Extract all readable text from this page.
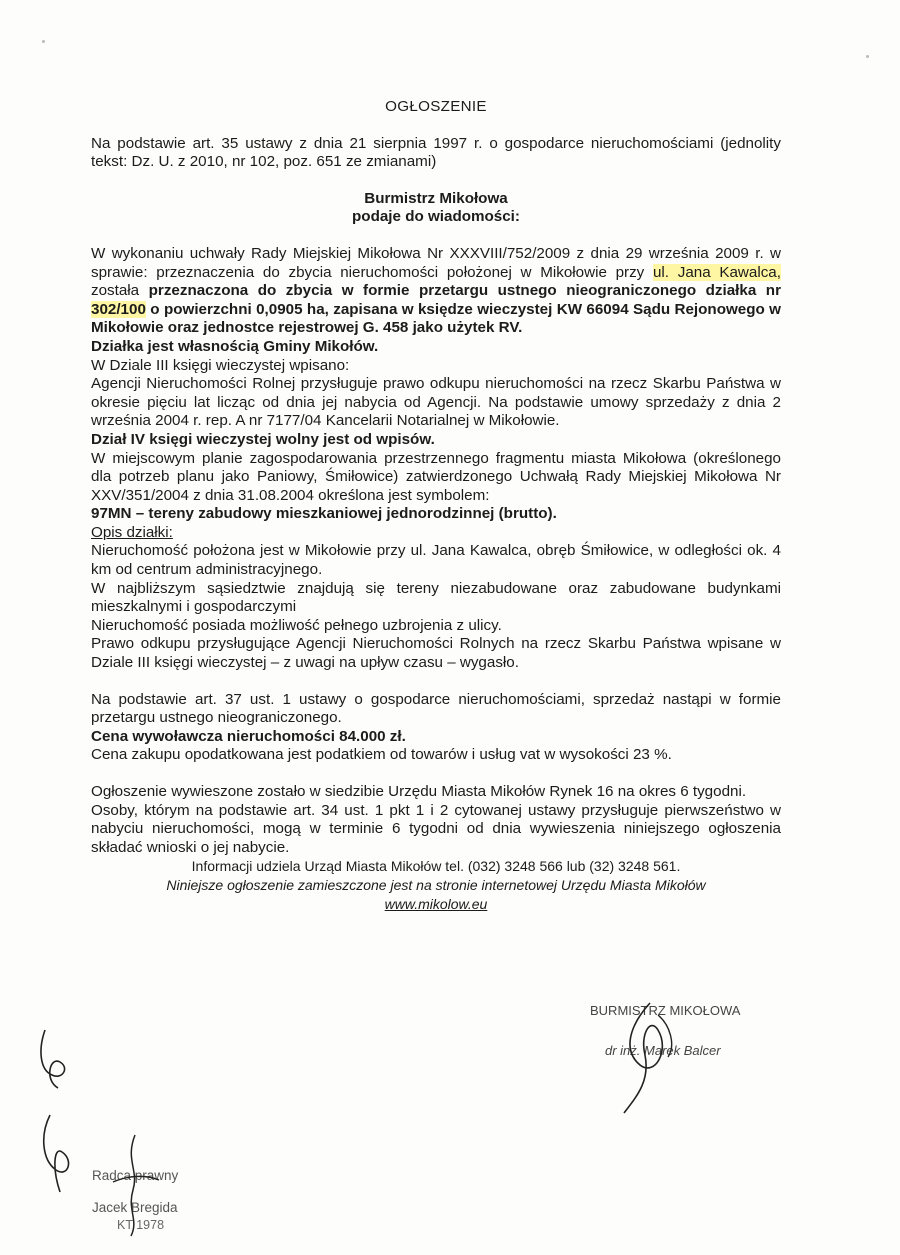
OGŁOSZENIE

Na podstawie art. 35 ustawy z dnia 21 sierpnia 1997 r. o gospodarce nieruchomościami (jednolity tekst: Dz. U. z 2010, nr 102, poz. 651 ze zmianami)

Burmistrz Mikołowa
podaje do wiadomości:

W wykonaniu uchwały Rady Miejskiej Mikołowa Nr XXXVIII/752/2009 z dnia 29 września 2009 r. w sprawie: przeznaczenia do zbycia nieruchomości położonej w Mikołowie przy ul. Jana Kawalca, została przeznaczona do zbycia w formie przetargu ustnego nieograniczonego działka nr 302/100 o powierzchni 0,0905 ha, zapisana w księdze wieczystej KW 66094 Sądu Rejonowego w Mikołowie oraz jednostce rejestrowej G. 458 jako użytek RV.

Działka jest własnością Gminy Mikołów.

W Dziale III księgi wieczystej wpisano:

Agencji Nieruchomości Rolnej przysługuje prawo odkupu nieruchomości na rzecz Skarbu Państwa w okresie pięciu lat licząc od dnia jej nabycia od Agencji. Na podstawie umowy sprzedaży z dnia 2 września 2004 r. rep. A nr 7177/04 Kancelarii Notarialnej w Mikołowie.

Dział IV księgi wieczystej wolny jest od wpisów.

W miejscowym planie zagospodarowania przestrzennego fragmentu miasta Mikołowa (określonego dla potrzeb planu jako Paniowy, Śmiłowice) zatwierdzonego Uchwałą Rady Miejskiej Mikołowa Nr XXV/351/2004 z dnia 31.08.2004 określona jest symbolem:

97MN – tereny zabudowy mieszkaniowej jednorodzinnej (brutto).

Opis działki:

Nieruchomość położona jest w Mikołowie przy ul. Jana Kawalca, obręb Śmiłowice, w odległości ok. 4 km od centrum administracyjnego.

W najbliższym sąsiedztwie znajdują się tereny niezabudowane oraz zabudowane budynkami mieszkalnymi i gospodarczymi

Nieruchomość posiada możliwość pełnego uzbrojenia z ulicy.

Prawo odkupu przysługujące Agencji Nieruchomości Rolnych na rzecz Skarbu Państwa wpisane w Dziale III księgi wieczystej – z uwagi na upływ czasu – wygasło.

Na podstawie art. 37 ust. 1 ustawy o gospodarce nieruchomościami, sprzedaż nastąpi w formie przetargu ustnego nieograniczonego.

Cena wywoławcza nieruchomości 84.000 zł.

Cena zakupu opodatkowana jest podatkiem od towarów i usług vat w wysokości 23 %.

Ogłoszenie wywieszone zostało w siedzibie Urzędu Miasta Mikołów Rynek 16 na okres 6 tygodni.

Osoby, którym na podstawie art. 34 ust. 1 pkt 1 i 2 cytowanej ustawy przysługuje pierwszeństwo w nabyciu nieruchomości, mogą w terminie 6 tygodni od dnia wywieszenia niniejszego ogłoszenia składać wnioski o jej nabycie.

Informacji udziela Urząd Miasta Mikołów tel. (032) 3248 566 lub (32) 3248 561.
Niniejsze ogłoszenie zamieszczone jest na stronie internetowej Urzędu Miasta Mikołów
www.mikolow.eu
BURMISTRZ MIKOŁOWA
dr inż. Marek Balcer
Radca prawny
Jacek Bregida
KT 1978
